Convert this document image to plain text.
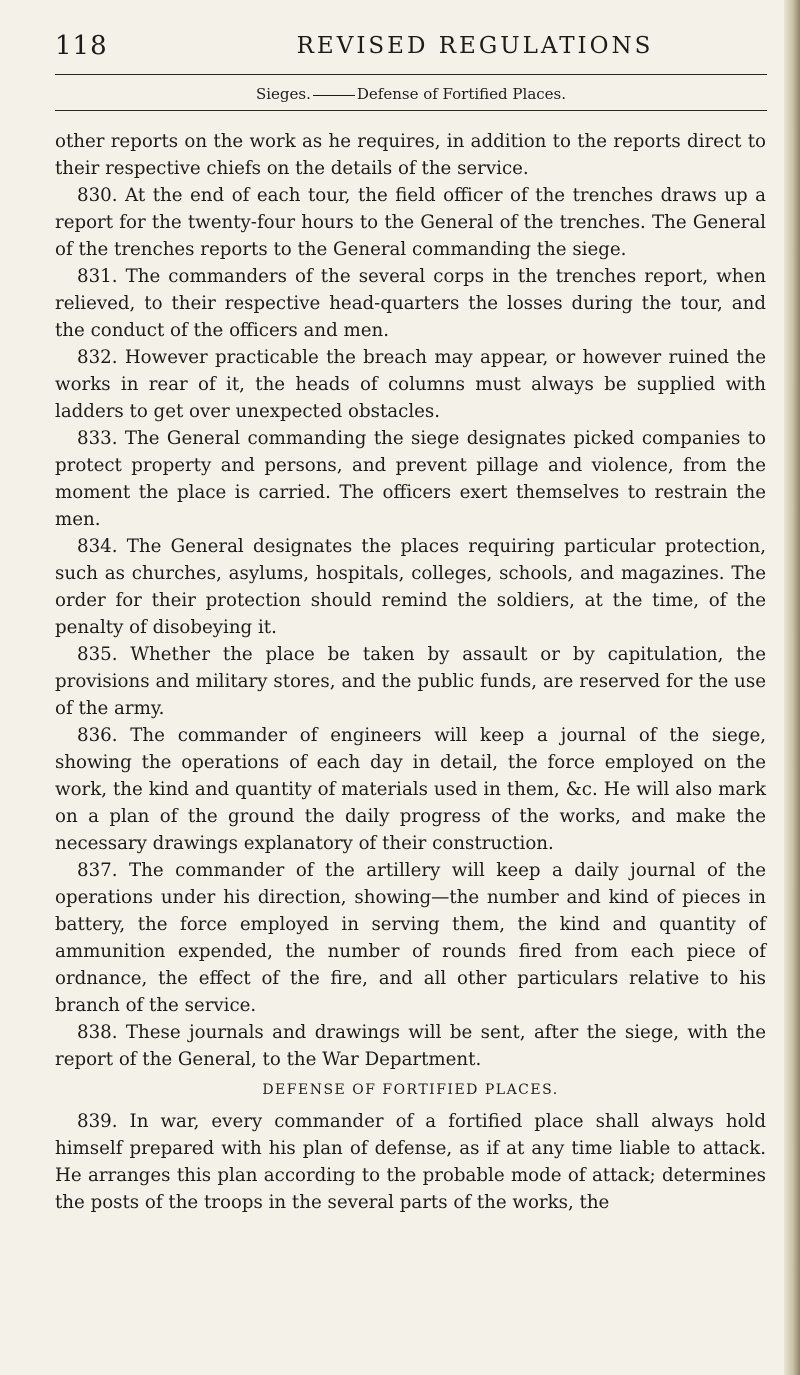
118	REVISED REGULATIONS
Sieges.	Defense of Fortified Places.

other reports on the work as he requires, in addition to the reports direct to their respective chiefs on the details of the service.

830. At the end of each tour, the field officer of the trenches draws up a report for the twenty-four hours to the General of the trenches. The General of the trenches reports to the General commanding the siege.

831. The commanders of the several corps in the trenches report, when relieved, to their respective head-quarters the losses during the tour, and the conduct of the officers and men.

832. However practicable the breach may appear, or however ruined the works in rear of it, the heads of columns must always be supplied with ladders to get over unexpected obstacles.

833. The General commanding the siege designates picked companies to protect property and persons, and prevent pillage and violence, from the moment the place is carried. The officers exert themselves to restrain the men.

834. The General designates the places requiring particular protection, such as churches, asylums, hospitals, colleges, schools, and magazines. The order for their protection should remind the soldiers, at the time, of the penalty of disobeying it.

835. Whether the place be taken by assault or by capitulation, the provisions and military stores, and the public funds, are reserved for the use of the army.

836. The commander of engineers will keep a journal of the siege, showing the operations of each day in detail, the force employed on the work, the kind and quantity of materials used in them, &c. He will also mark on a plan of the ground the daily progress of the works, and make the necessary drawings explanatory of their construction.

837. The commander of the artillery will keep a daily journal of the operations under his direction, showing—the number and kind of pieces in battery, the force employed in serving them, the kind and quantity of ammunition expended, the number of rounds fired from each piece of ordnance, the effect of the fire, and all other particulars relative to his branch of the service.

838. These journals and drawings will be sent, after the siege, with the report of the General, to the War Department.

DEFENSE OF FORTIFIED PLACES.

839. In war, every commander of a fortified place shall always hold himself prepared with his plan of defense, as if at any time liable to attack. He arranges this plan according to the probable mode of attack; determines the posts of the troops in the several parts of the works, the
